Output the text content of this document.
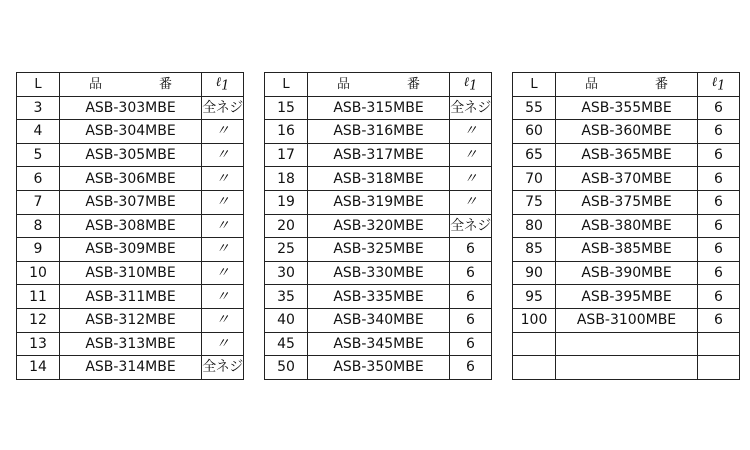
L	品　番	ℓ$_1$
3	ASB-303MBE	全ネジ
4	ASB-304MBE	〃
5	ASB-305MBE	〃
6	ASB-306MBE	〃
7	ASB-307MBE	〃
8	ASB-308MBE	〃
9	ASB-309MBE	〃
10	ASB-310MBE	〃
11	ASB-311MBE	〃
12	ASB-312MBE	〃
13	ASB-313MBE	〃
14	ASB-314MBE	全ネジ
L	品　番	ℓ$_1$
15	ASB-315MBE	全ネジ
16	ASB-316MBE	〃
17	ASB-317MBE	〃
18	ASB-318MBE	〃
19	ASB-319MBE	〃
20	ASB-320MBE	全ネジ
25	ASB-325MBE	6
30	ASB-330MBE	6
35	ASB-335MBE	6
40	ASB-340MBE	6
45	ASB-345MBE	6
50	ASB-350MBE	6
L	品　番	ℓ$_1$
55	ASB-355MBE	6
60	ASB-360MBE	6
65	ASB-365MBE	6
70	ASB-370MBE	6
75	ASB-375MBE	6
80	ASB-380MBE	6
85	ASB-385MBE	6
90	ASB-390MBE	6
95	ASB-395MBE	6
100	ASB-3100MBE	6
